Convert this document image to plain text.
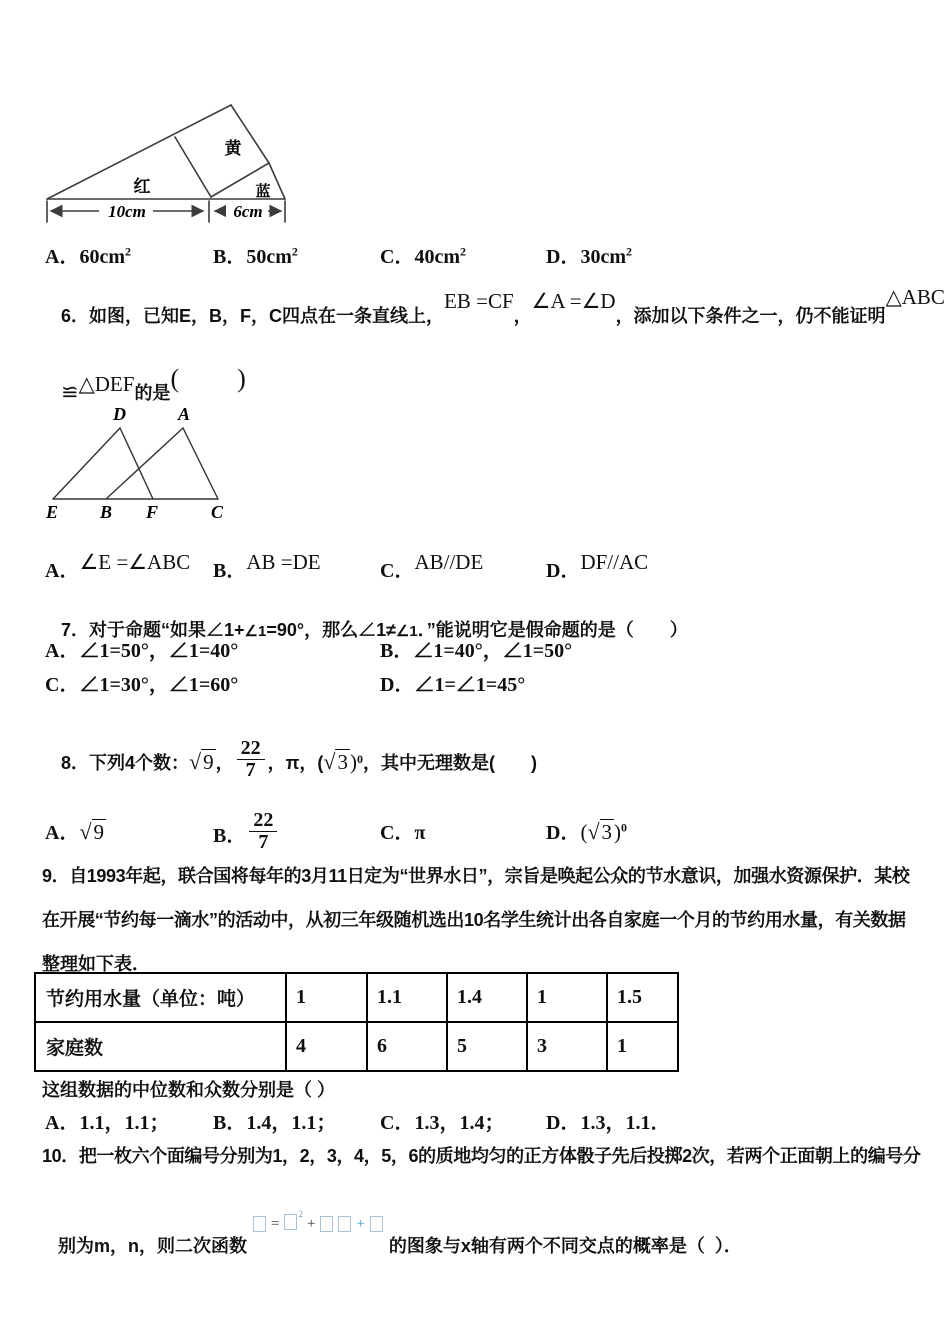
红
黄
蓝
10cm	6cm
A．$60cm^2$	B．$50cm^2$	C．$40cm^2$	D．$30cm^2$

6．如图，已知E，B，F，C四点在一条直线上，EB =CF，∠A =∠D，添加以下条件之一，仍不能证明△ABC

≌△DEF的是(　　)

D	A
E B F	C
A．∠E =∠ABC B．AB =DE	C．AB//DE	D．DF//AC

7．对于命题“如果∠1+∠1=90°，那么∠1≠∠1．”能说明它是假命题的是（　　）

A．∠1=50°，∠1=40°	B．∠1=40°，∠1=50°
C．∠1=30°，∠1=60°	D．∠1=∠1=45°

8．下列4个数：√9 ， $\frac{22}{7}$ ，π，$(√3)^0$，其中无理数是(　　)

A．√9	B． $\frac{22}{7}$	C．π	D．$(√3)^0$
9．自1993年起，联合国将每年的3月11日定为“世界水日”，宗旨是唤起公众的节水意识，加强水资源保护．某校
在开展“节约每一滴水”的活动中，从初三年级随机选出10名学生统计出各自家庭一个月的节约用水量，有关数据
整理如下表．
节约用水量（单位：吨）	1	1.1	1.4	1	1.5
家庭数	4	6	5	3	1
这组数据的中位数和众数分别是（ ）
A．1.1，1.1； B．1.4，1.1； C．1.3，1.4； D．1.3，1.1．
10．把一枚六个面编号分别为1，2，3，4，5，6的质地均匀的正方体骰子先后投掷2次，若两个正面朝上的编号分

别为m，n，则二次函数
=
$^2$
+	+
的图象与x轴有两个不同交点的概率是（  ）．
